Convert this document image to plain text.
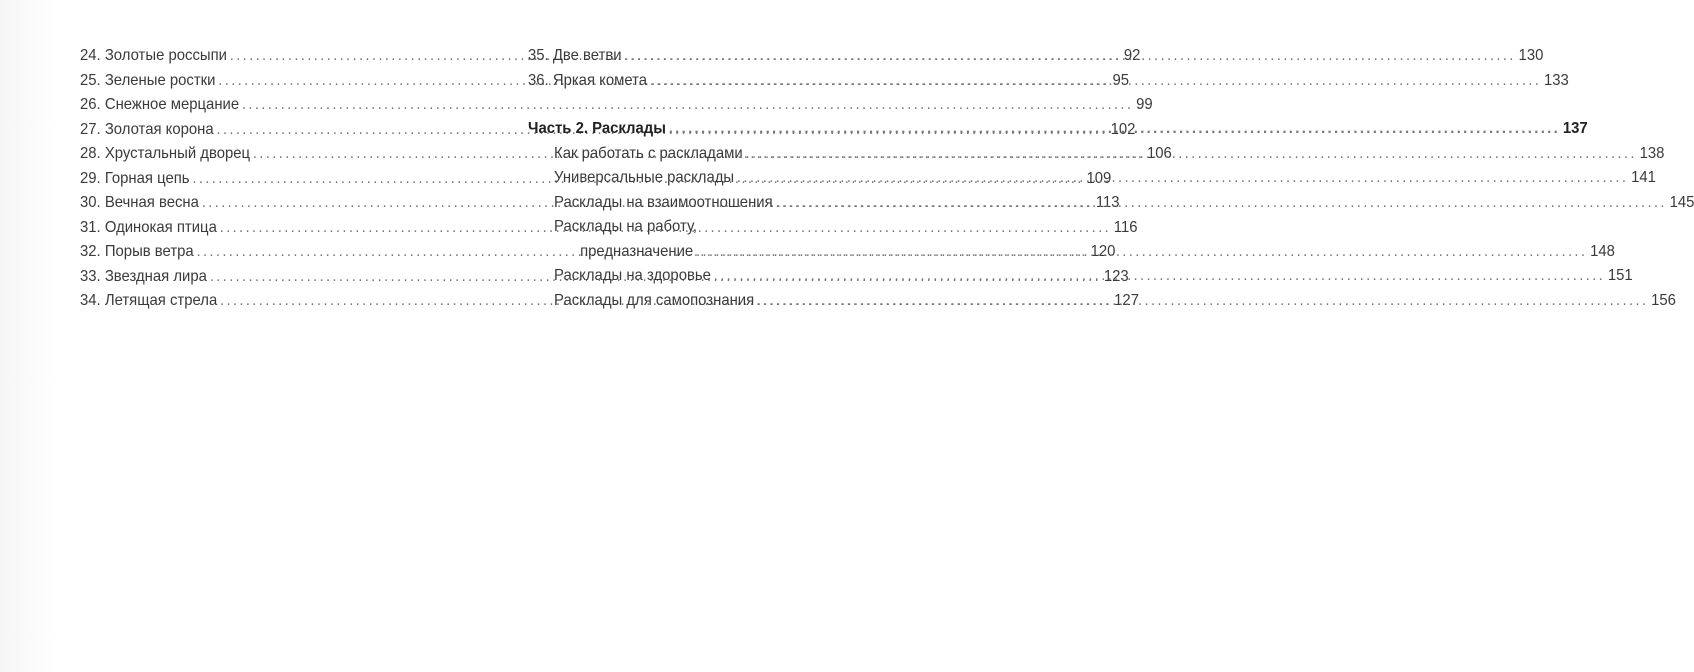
24. Золотые россыпи .....	92
25. Зеленые ростки .....	95
26. Снежное мерцание .....	99
27. Золотая корона .....	102
28. Хрустальный дворец .....	106
29. Горная цепь .....	109
30. Вечная весна .....	113
31. Одинокая птица .....	116
32. Порыв ветра .....	120
33. Звездная лира .....	123
34. Летящая стрела .....	127
35. Две ветви .....	130
36. Яркая комета .....	133
Часть 2. Расклады .....	137
Как работать с раскладами .....	138
Универсальные расклады .....	141
Расклады на взаимоотношения .....	145
Расклады на работу,
предназначение .....	148
Расклады на здоровье .....	151
Расклады для самопознания .....	156
